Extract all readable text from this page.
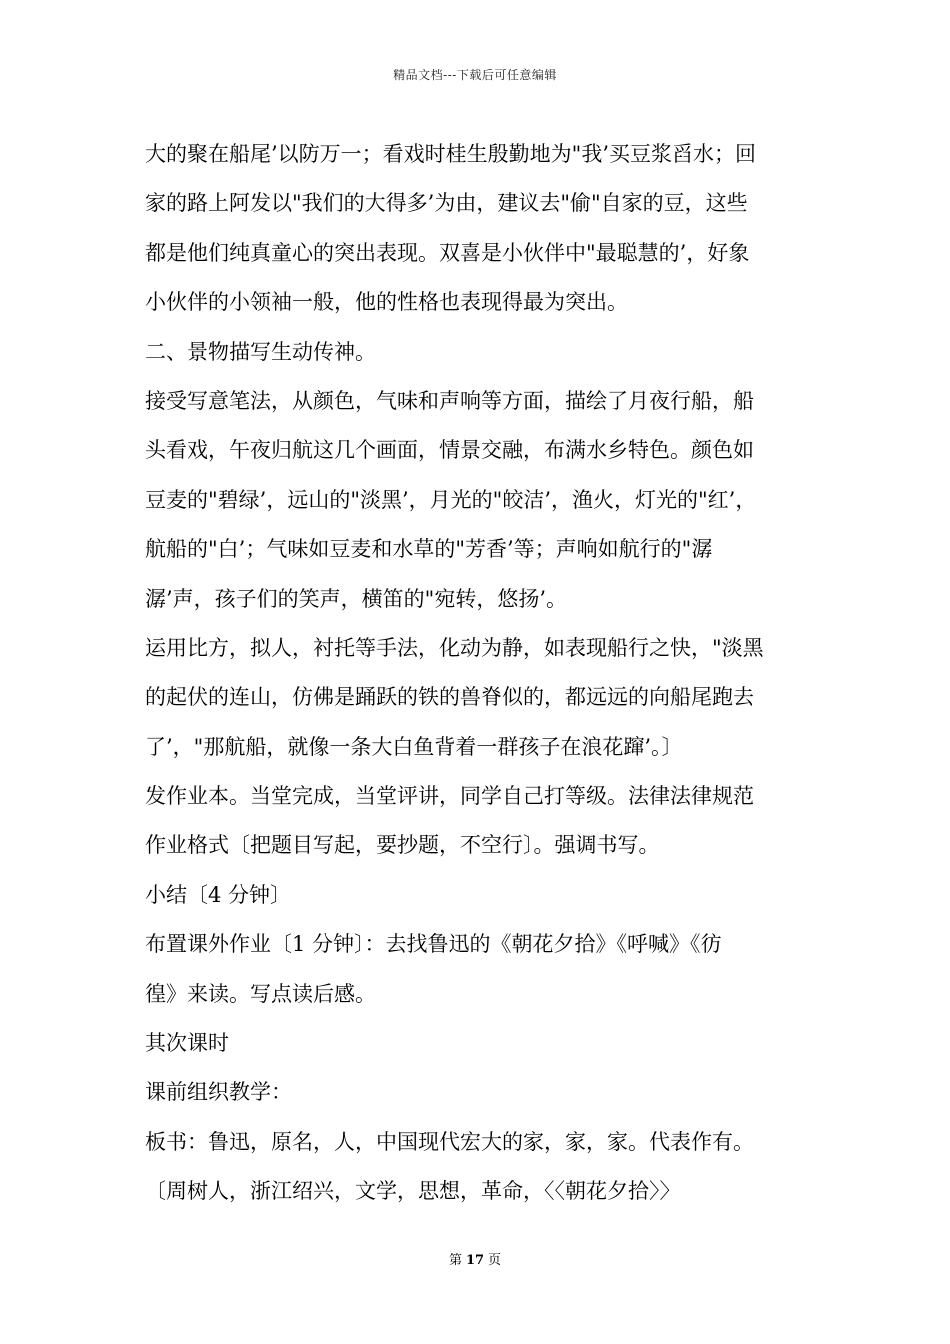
精品文档---下载后可任意编辑
大的聚在船尾’以防万一；看戏时桂生殷勤地为"我’买豆浆舀水；回
家的路上阿发以"我们的大得多’为由，建议去"偷"自家的豆，这些
都是他们纯真童心的突出表现。双喜是小伙伴中"最聪慧的’，好象
小伙伴的小领袖一般，他的性格也表现得最为突出。
二、景物描写生动传神。
接受写意笔法，从颜色，气味和声响等方面，描绘了月夜行船，船
头看戏，午夜归航这几个画面，情景交融，布满水乡特色。颜色如
豆麦的"碧绿’，远山的"淡黑’，月光的"皎洁’，渔火，灯光的"红’，
航船的"白’；气味如豆麦和水草的"芳香’等；声响如航行的"潺
潺’声，孩子们的笑声，横笛的"宛转，悠扬’。
运用比方，拟人，衬托等手法，化动为静，如表现船行之快，"淡黑
的起伏的连山，仿佛是踊跃的铁的兽脊似的，都远远的向船尾跑去
了’，"那航船，就像一条大白鱼背着一群孩子在浪花蹿’。〕
发作业本。当堂完成，当堂评讲，同学自己打等级。法律法律规范
作业格式〔把题目写起，要抄题，不空行〕。强调书写。
小结〔4 分钟〕
布置课外作业〔1 分钟〕：去找鲁迅的《朝花夕拾》《呼喊》《彷
徨》来读。写点读后感。
其次课时
课前组织教学：
板书：鲁迅，原名，人，中国现代宏大的家，家，家。代表作有。
〔周树人，浙江绍兴，文学，思想，革命，〈〈朝花夕拾〉〉
第 17 页
